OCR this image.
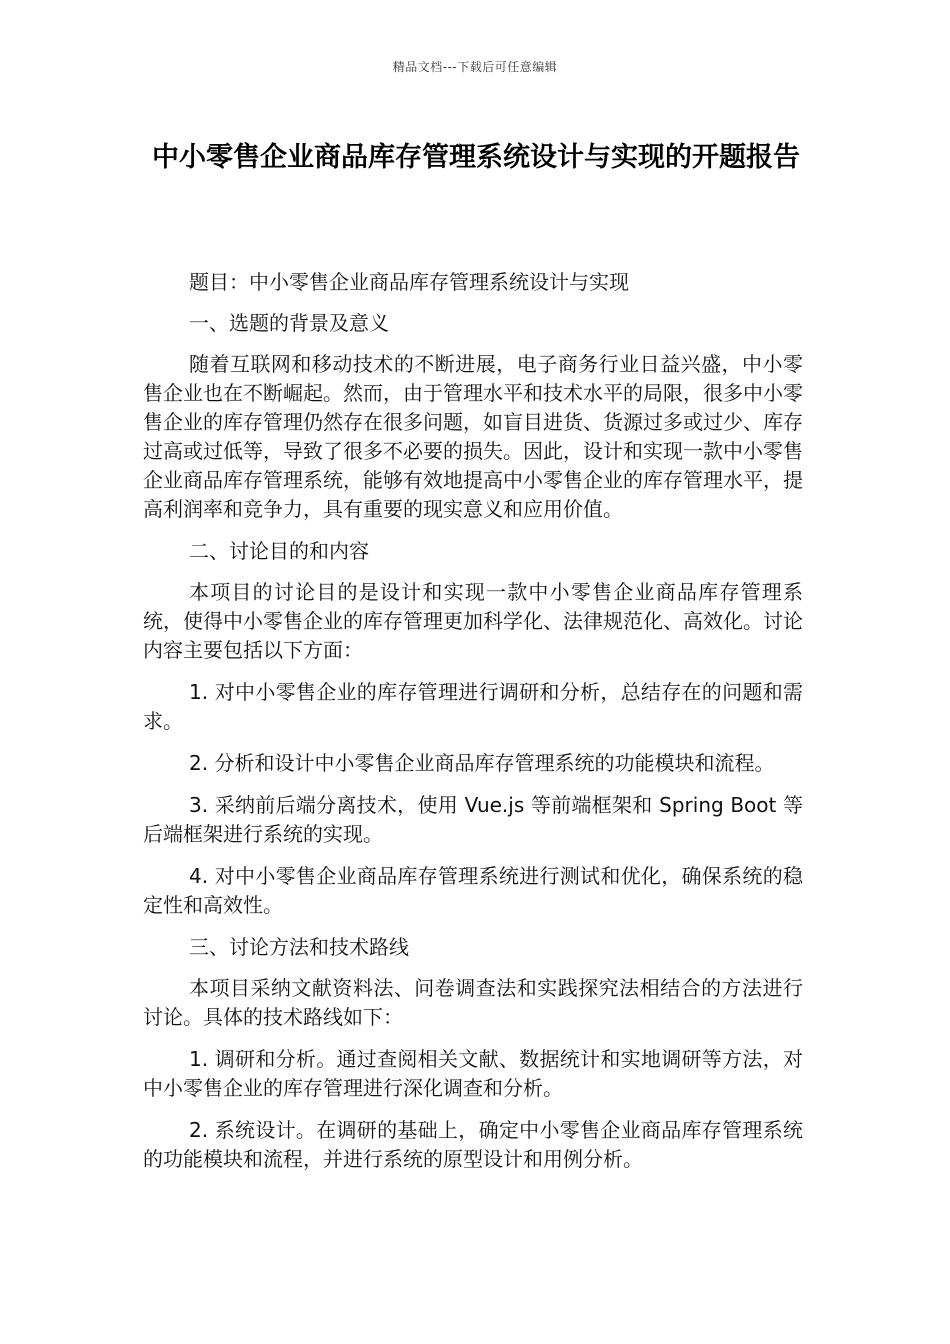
精品文档---下载后可任意编辑
中小零售企业商品库存管理系统设计与实现的开题报告

题目：中小零售企业商品库存管理系统设计与实现

一、选题的背景及意义

随着互联网和移动技术的不断进展，电子商务行业日益兴盛，中小零售企业也在不断崛起。然而，由于管理水平和技术水平的局限，很多中小零售企业的库存管理仍然存在很多问题，如盲目进货、货源过多或过少、库存过高或过低等，导致了很多不必要的损失。因此，设计和实现一款中小零售企业商品库存管理系统，能够有效地提高中小零售企业的库存管理水平，提高利润率和竞争力，具有重要的现实意义和应用价值。

二、讨论目的和内容

本项目的讨论目的是设计和实现一款中小零售企业商品库存管理系统，使得中小零售企业的库存管理更加科学化、法律规范化、高效化。讨论内容主要包括以下方面：

1. 对中小零售企业的库存管理进行调研和分析，总结存在的问题和需求。

2. 分析和设计中小零售企业商品库存管理系统的功能模块和流程。

3. 采纳前后端分离技术，使用 Vue.js 等前端框架和 Spring Boot 等后端框架进行系统的实现。

4. 对中小零售企业商品库存管理系统进行测试和优化，确保系统的稳定性和高效性。

三、讨论方法和技术路线

本项目采纳文献资料法、问卷调查法和实践探究法相结合的方法进行讨论。具体的技术路线如下：

1. 调研和分析。通过查阅相关文献、数据统计和实地调研等方法，对中小零售企业的库存管理进行深化调查和分析。

2. 系统设计。在调研的基础上，确定中小零售企业商品库存管理系统的功能模块和流程，并进行系统的原型设计和用例分析。
